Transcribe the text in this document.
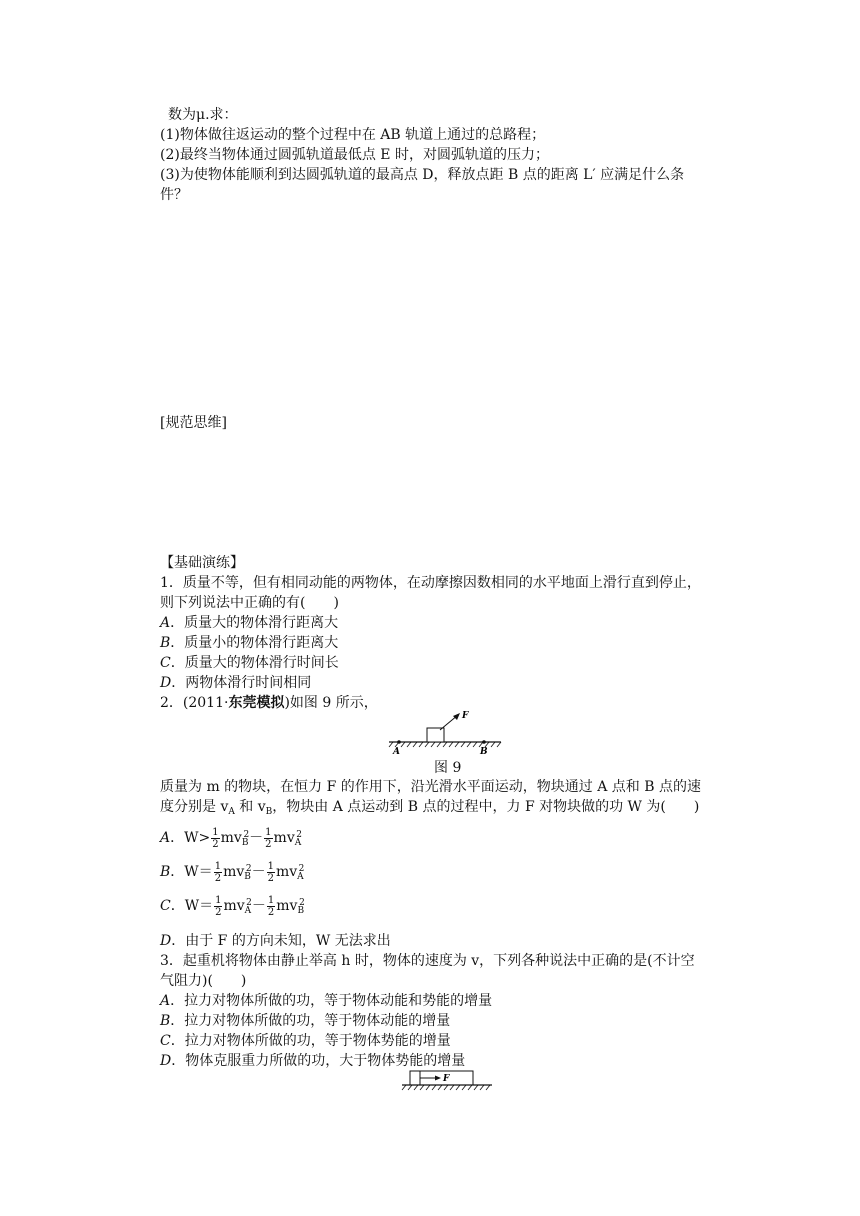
数为μ.求：
(1)物体做往返运动的整个过程中在 AB 轨道上通过的总路程；
(2)最终当物体通过圆弧轨道最低点 E 时，对圆弧轨道的压力；
(3)为使物体能顺利到达圆弧轨道的最高点 D，释放点距 B 点的距离 L′ 应满足什么条
件？
[规范思维]
【基础演练】
1．质量不等，但有相同动能的两物体，在动摩擦因数相同的水平地面上滑行直到停止，
则下列说法中正确的有(　　)
A．质量大的物体滑行距离大
B．质量小的物体滑行距离大
C．质量大的物体滑行时间长
D．两物体滑行时间相同
2．(2011·东莞模拟)如图 9 所示，
F
A	B
图 9
质量为 m 的物块，在恒力 F 的作用下，沿光滑水平面运动，物块通过 A 点和 B 点的速
度分别是 $v_A$ 和 $v_B$，物块由 A 点运动到 B 点的过程中，力 F 对物块做的功 W 为(　　)
A．$W> \frac{1}{2} mv_B^2- \frac{1}{2} mv_A^2$
B．$W= \frac{1}{2} mv_B^2- \frac{1}{2} mv_A^2$
C．$W= \frac{1}{2} mv_A^2- \frac{1}{2} mv_B^2$
D．由于 F 的方向未知，W 无法求出
3．起重机将物体由静止举高 h 时，物体的速度为 v，下列各种说法中正确的是(不计空
气阻力)(　　)
A．拉力对物体所做的功，等于物体动能和势能的增量
B．拉力对物体所做的功，等于物体动能的增量
C．拉力对物体所做的功，等于物体势能的增量
D．物体克服重力所做的功，大于物体势能的增量
F
